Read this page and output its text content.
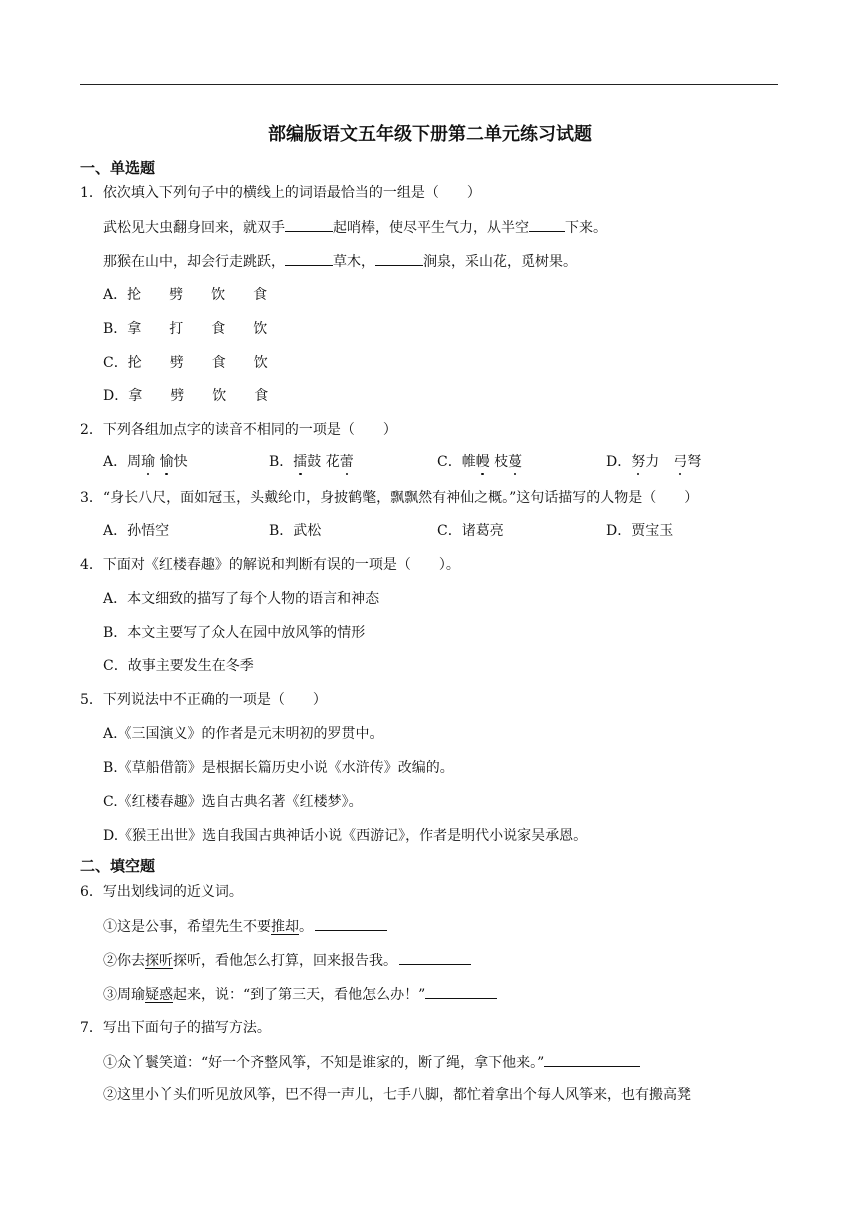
部编版语文五年级下册第二单元练习试题
一、单选题
1．依次填入下列句子中的横线上的词语最恰当的一组是（　　）
武松见大虫翻身回来，就双手	起哨棒，使尽平生气力，从半空	下来。
那猴在山中，却会行走跳跃，	草木，	涧泉，采山花，觅树果。
A．抡 劈 饮 食
B．拿 打 食 饮
C．抡 劈 食 饮
D．拿 劈 饮 食
2．下列各组加点字的读音不相同的一项是（　　）
A．周瑜 愉快	B．擂鼓 花蕾	C．帷幔 枝蔓	D．努力　弓弩
3．“身长八尺，面如冠玉，头戴纶巾，身披鹤氅，飘飘然有神仙之概。”这句话描写的人物是（　　）
A．孙悟空	B．武松	C．诸葛亮	D．贾宝玉
4．下面对《红楼春趣》的解说和判断有误的一项是（　　）。
A．本文细致的描写了每个人物的语言和神态
B．本文主要写了众人在园中放风筝的情形
C．故事主要发生在冬季
5．下列说法中不正确的一项是（　　）
A.《三国演义》的作者是元末明初的罗贯中。
B.《草船借箭》是根据长篇历史小说《水浒传》改编的。
C.《红楼春趣》选自古典名著《红楼梦》。
D.《猴王出世》选自我国古典神话小说《西游记》，作者是明代小说家吴承恩。
二、填空题
6．写出划线词的近义词。
①这是公事，希望先生不要推却。
②你去探听探听，看他怎么打算，回来报告我。
③周瑜疑惑起来，说：“到了第三天，看他怎么办！”
7．写出下面句子的描写方法。
①众丫鬟笑道：“好一个齐整风筝，不知是谁家的，断了绳，拿下他来。”
②这里小丫头们听见放风筝，巴不得一声儿，七手八脚，都忙着拿出个每人风筝来，也有搬高凳
